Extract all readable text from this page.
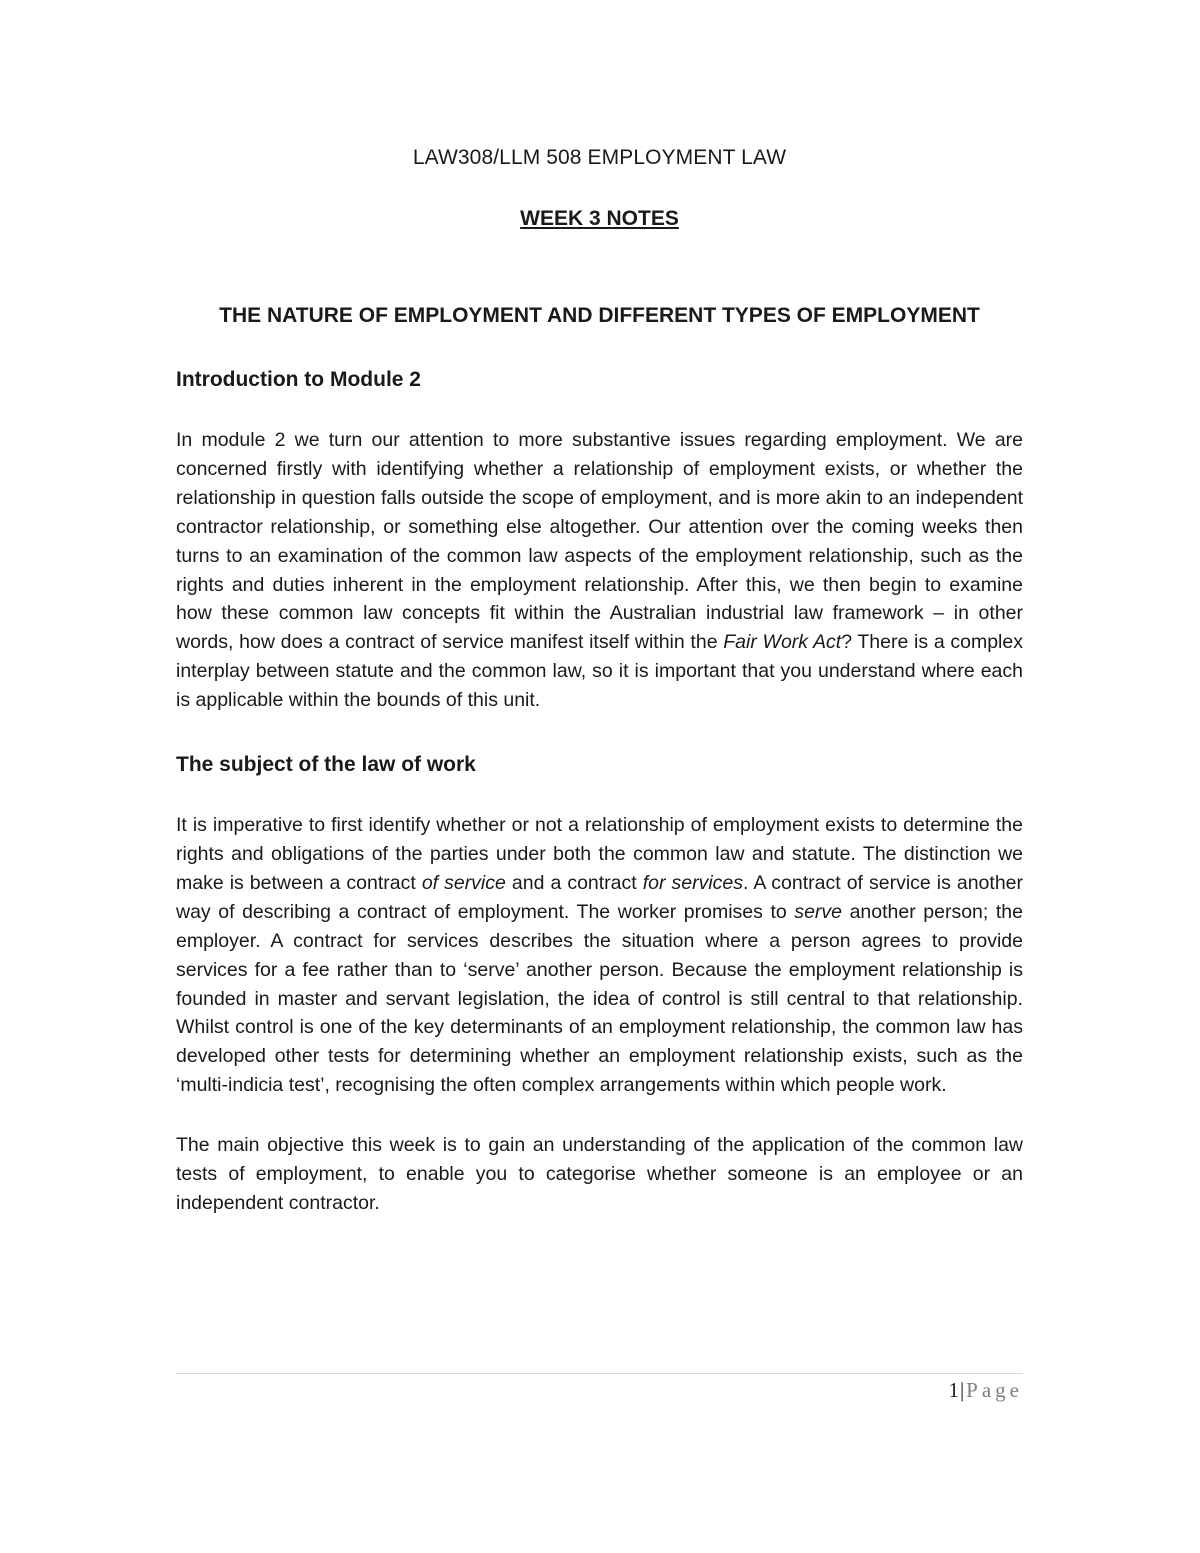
LAW308/LLM 508 EMPLOYMENT LAW
WEEK 3 NOTES
THE NATURE OF EMPLOYMENT AND DIFFERENT TYPES OF EMPLOYMENT
Introduction to Module 2

In module 2 we turn our attention to more substantive issues regarding employment. We are concerned firstly with identifying whether a relationship of employment exists, or whether the relationship in question falls outside the scope of employment, and is more akin to an independent contractor relationship, or something else altogether. Our attention over the coming weeks then turns to an examination of the common law aspects of the employment relationship, such as the rights and duties inherent in the employment relationship. After this, we then begin to examine how these common law concepts fit within the Australian industrial law framework – in other words, how does a contract of service manifest itself within the Fair Work Act? There is a complex interplay between statute and the common law, so it is important that you understand where each is applicable within the bounds of this unit.

The subject of the law of work

It is imperative to first identify whether or not a relationship of employment exists to determine the rights and obligations of the parties under both the common law and statute. The distinction we make is between a contract of service and a contract for services. A contract of service is another way of describing a contract of employment. The worker promises to serve another person; the employer. A contract for services describes the situation where a person agrees to provide services for a fee rather than to ‘serve’ another person. Because the employment relationship is founded in master and servant legislation, the idea of control is still central to that relationship. Whilst control is one of the key determinants of an employment relationship, the common law has developed other tests for determining whether an employment relationship exists, such as the ‘multi-indicia test’, recognising the often complex arrangements within which people work.

The main objective this week is to gain an understanding of the application of the common law tests of employment, to enable you to categorise whether someone is an employee or an independent contractor.

1|Page
